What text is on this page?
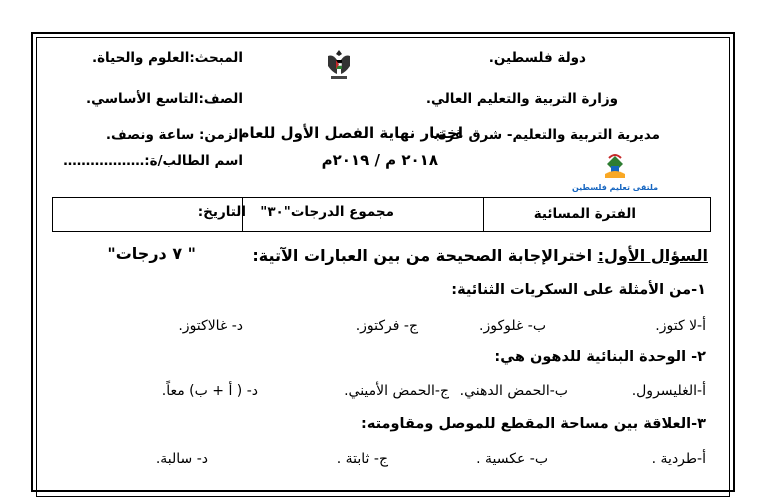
دولة فلسطين.
وزارة التربية والتعليم العالي.
مديرية التربية والتعليم- شرق غزة.
ملتقى تعليم فلسطين
اختبار نهاية الفصل الأول للعام
٢٠١٨ م / ٢٠١٩م
المبحث:العلوم والحياة.
الصف:التاسع الأساسي.
الزمن: ساعة ونصف.
اسم الطالب/ة:………………
الفترة المسائية
مجموع الدرجات"٣٠"
التاريخ:
السؤال الأول: اخترالإجابة الصحيحة من بين العبارات الآتية:
" ٧ درجات"
١-من الأمثلة على السكريات الثنائية:
أ-لا كتوز.
ب- غلوكوز.
ج- فركتوز.
د- غالاكتوز.
٢- الوحدة البنائية للدهون هي:
أ-الغليسرول.
ب-الحمض الدهني.
ج-الحمض الأميني.
د- ( أ + ب) معاً.
٣-العلاقة بين مساحة المقطع للموصل ومقاومته:
أ-طردية .
ب- عكسية .
ج- ثابتة .
د- سالبة.
